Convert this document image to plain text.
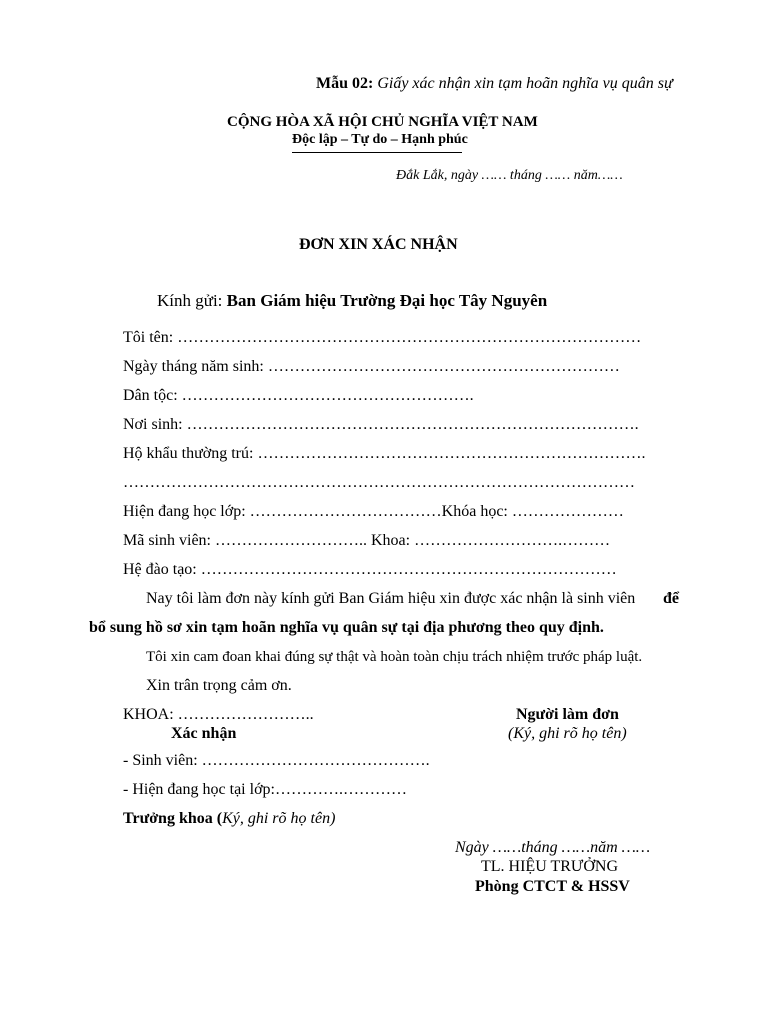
Mẫu 02: Giấy xác nhận xin tạm hoãn nghĩa vụ quân sự
CỘNG HÒA XÃ HỘI CHỦ NGHĨA VIỆT NAM
Độc lập – Tự do – Hạnh phúc
Đắk Lắk, ngày …… tháng …… năm……
ĐƠN XIN XÁC NHẬN
Kính gửi: Ban Giám hiệu Trường Đại học Tây Nguyên
Tôi tên: ……………………………………………………………………………
Ngày tháng năm sinh: …………………………………………………………
Dân tộc: ……………………………………………….
Nơi sinh: ………………………………………………………………………….
Hộ khẩu thường trú: ……………………………………………………………….
……………………………………………………………………………………
Hiện đang học lớp: ………………………………Khóa học: …………………
Mã sinh viên: ……………………….. Khoa: ……………………….………
Hệ đào tạo: ……………………………………………………………………
Nay tôi làm đơn này kính gửi Ban Giám hiệu xin được xác nhận là sinh viên để
bổ sung hồ sơ xin tạm hoãn nghĩa vụ quân sự tại địa phương theo quy định.
Tôi xin cam đoan khai đúng sự thật và hoàn toàn chịu trách nhiệm trước pháp luật.
Xin trân trọng cảm ơn.
KHOA: ……………………..
Xác nhận
- Sinh viên: …………………………………….
- Hiện đang học tại lớp:………….…………
Trưởng khoa (Ký, ghi rõ họ tên)
Người làm đơn
(Ký, ghi rõ họ tên)
Ngày ……tháng ……năm ……
TL. HIỆU TRƯỞNG
Phòng CTCT & HSSV
